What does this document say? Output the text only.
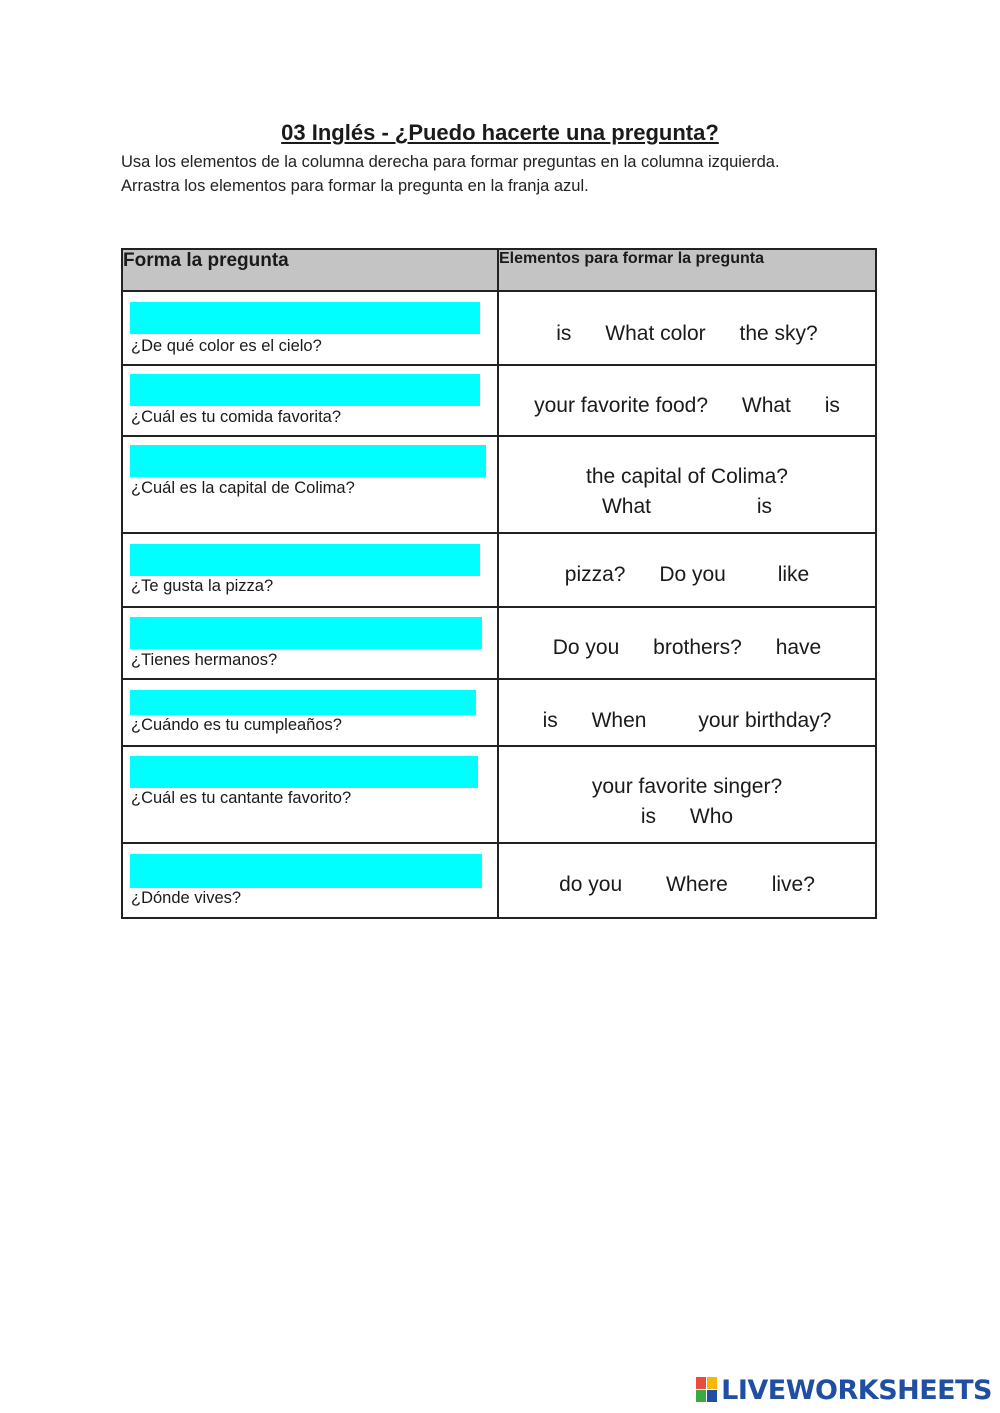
03 Inglés - ¿Puedo hacerte una pregunta?
Usa los elementos de la columna derecha para formar preguntas en la columna izquierda.
Arrastra los elementos para formar la pregunta en la franja azul.
Forma la pregunta	Elementos para formar la pregunta

¿De qué color es el cielo?	is What color the sky?

¿Cuál es tu comida favorita?	your favorite food? What is

¿Cuál es la capital de Colima?	the capital of Colima?
What is

¿Te gusta la pizza?	pizza? Do you like

¿Tienes hermanos?	Do you brothers? have

¿Cuándo es tu cumpleaños?	is When your birthday?

¿Cuál es tu cantante favorito?	your favorite singer?
is Who

¿Dónde vives?	do you Where live?
LIVEWORKSHEETS
